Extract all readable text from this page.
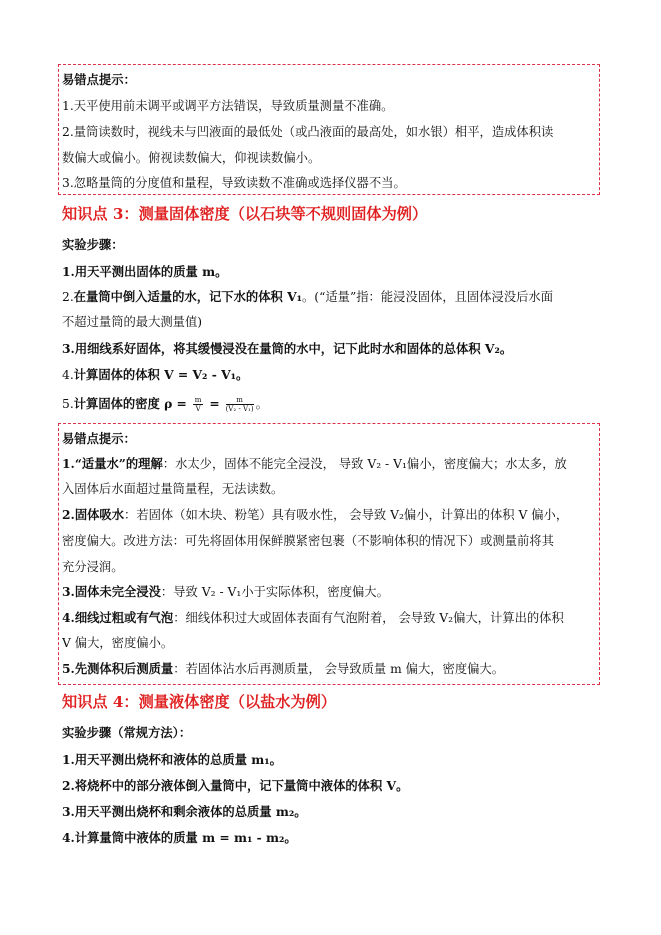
易错点提示：
1.天平使用前未调平或调平方法错误，导致质量测量不准确。
2.量筒读数时，视线未与凹液面的最低处（或凸液面的最高处，如水银）相平，造成体积读
数偏大或偏小。俯视读数偏大，仰视读数偏小。
3.忽略量筒的分度值和量程，导致读数不准确或选择仪器不当。
知识点 3：测量固体密度（以石块等不规则固体为例）
实验步骤：
1.用天平测出固体的质量 m。
2.在量筒中倒入适量的水，记下水的体积 V₁。(“适量”指：能浸没固体，且固体浸没后水面
不超过量筒的最大测量值)
3.用细线系好固体，将其缓慢浸没在量筒的水中，记下此时水和固体的总体积 V₂。
4.计算固体的体积 V = V₂ - V₁。
5.计算固体的密度 $\rho = \frac{m}{V} = \frac{m}{\text{(V₂ - V₁)}}$ 。
易错点提示：
1.“适量水”的理解：水太少，固体不能完全浸没， 导致 V₂ - V₁偏小，密度偏大；水太多，放
入固体后水面超过量筒量程，无法读数。
2.固体吸水：若固体（如木块、粉笔）具有吸水性， 会导致 V₂偏小，计算出的体积 V 偏小，
密度偏大。改进方法：可先将固体用保鲜膜紧密包裹（不影响体积的情况下）或测量前将其
充分浸润。
3.固体未完全浸没：导致 V₂ - V₁小于实际体积，密度偏大。
4.细线过粗或有气泡：细线体积过大或固体表面有气泡附着， 会导致 V₂偏大，计算出的体积
V 偏大，密度偏小。
5.先测体积后测质量：若固体沾水后再测质量， 会导致质量 m 偏大，密度偏大。
知识点 4：测量液体密度（以盐水为例）
实验步骤（常规方法）：
1.用天平测出烧杯和液体的总质量 m₁。
2.将烧杯中的部分液体倒入量筒中，记下量筒中液体的体积 V。
3.用天平测出烧杯和剩余液体的总质量 m₂。
4.计算量筒中液体的质量 m = m₁ - m₂。
